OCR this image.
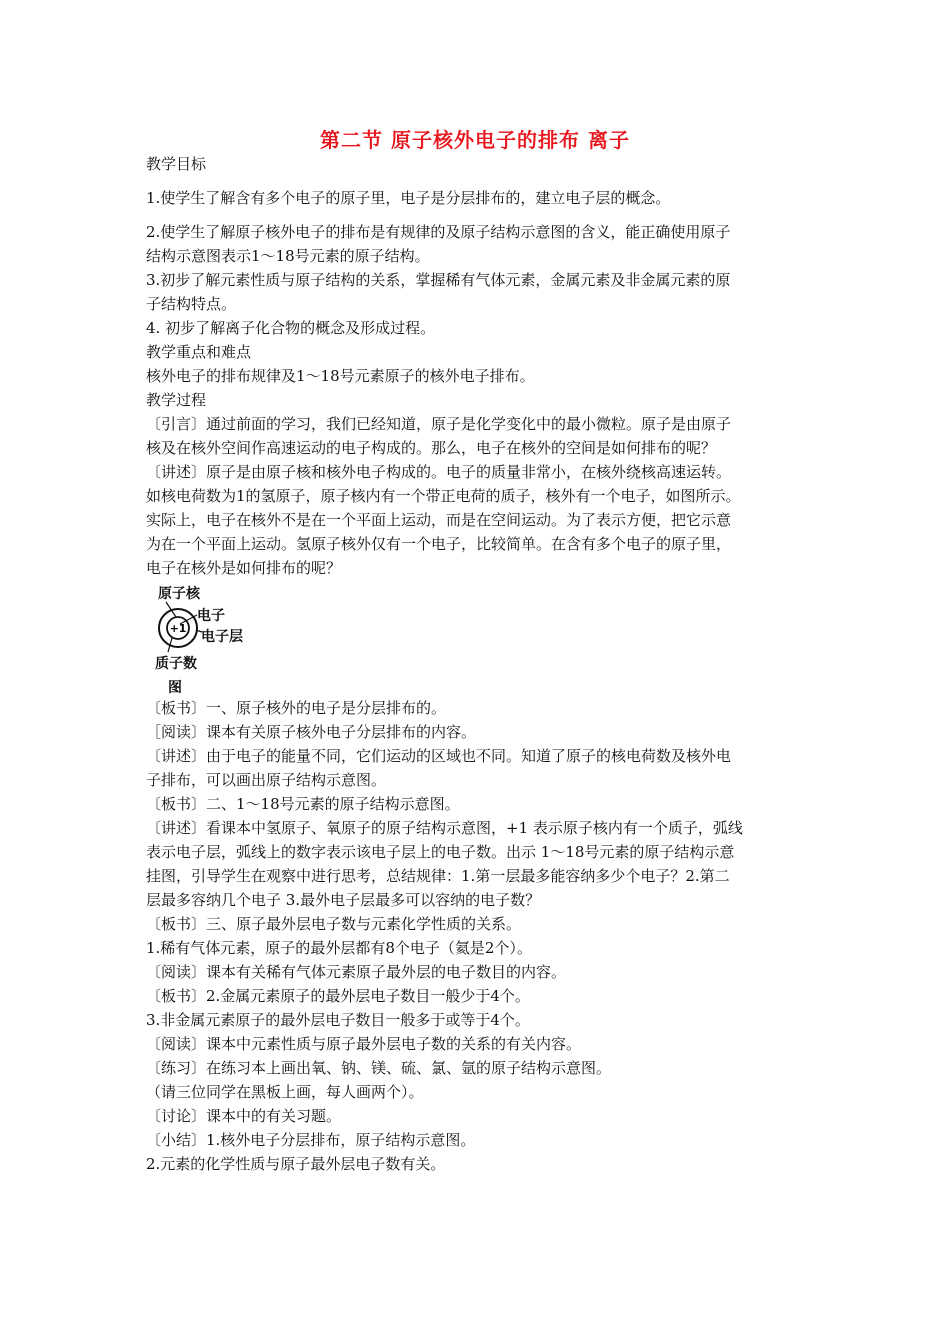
第二节 原子核外电子的排布 离子

教学目标

1.使学生了解含有多个电子的原子里，电子是分层排布的，建立电子层的概念。

2.使学生了解原子核外电子的排布是有规律的及原子结构示意图的含义，能正确使用原子

结构示意图表示1～18号元素的原子结构。

3.初步了解元素性质与原子结构的关系，掌握稀有气体元素，金属元素及非金属元素的原

子结构特点。

4. 初步了解离子化合物的概念及形成过程。

教学重点和难点

核外电子的排布规律及1～18号元素原子的核外电子排布。

教学过程

〔引言〕通过前面的学习，我们已经知道，原子是化学变化中的最小微粒。原子是由原子

核及在核外空间作高速运动的电子构成的。那么，电子在核外的空间是如何排布的呢？

〔讲述〕原子是由原子核和核外电子构成的。电子的质量非常小，在核外绕核高速运转。

如核电荷数为1的氢原子，原子核内有一个带正电荷的质子，核外有一个电子，如图所示。

实际上，电子在核外不是在一个平面上运动，而是在空间运动。为了表示方便，把它示意

为在一个平面上运动。氢原子核外仅有一个电子，比较简单。在含有多个电子的原子里，

电子在核外是如何排布的呢？

+1
原子核
电子
电子层
质子数
图

〔板书〕一、原子核外的电子是分层排布的。

［阅读〕课本有关原子核外电子分层排布的内容。

〔讲述〕由于电子的能量不同，它们运动的区域也不同。知道了原子的核电荷数及核外电

子排布，可以画出原子结构示意图。

〔板书〕二、1～18号元素的原子结构示意图。

〔讲述〕看课本中氢原子、氧原子的原子结构示意图，+1 表示原子核内有一个质子，弧线

表示电子层，弧线上的数字表示该电子层上的电子数。出示 1～18号元素的原子结构示意

挂图，引导学生在观察中进行思考，总结规律：1.第一层最多能容纳多少个电子？2.第二

层最多容纳几个电子 3.最外电子层最多可以容纳的电子数？

〔板书〕三、原子最外层电子数与元素化学性质的关系。

1.稀有气体元素，原子的最外层都有8个电子（氦是2个）。

〔阅读〕课本有关稀有气体元素原子最外层的电子数目的内容。

〔板书〕2.金属元素原子的最外层电子数目一般少于4个。

3.非金属元素原子的最外层电子数目一般多于或等于4个。

〔阅读〕课本中元素性质与原子最外层电子数的关系的有关内容。

〔练习〕在练习本上画出氧、钠、镁、硫、氯、氩的原子结构示意图。

（请三位同学在黑板上画，每人画两个）。

〔讨论〕课本中的有关习题。

〔小结〕1.核外电子分层排布，原子结构示意图。

2.元素的化学性质与原子最外层电子数有关。
